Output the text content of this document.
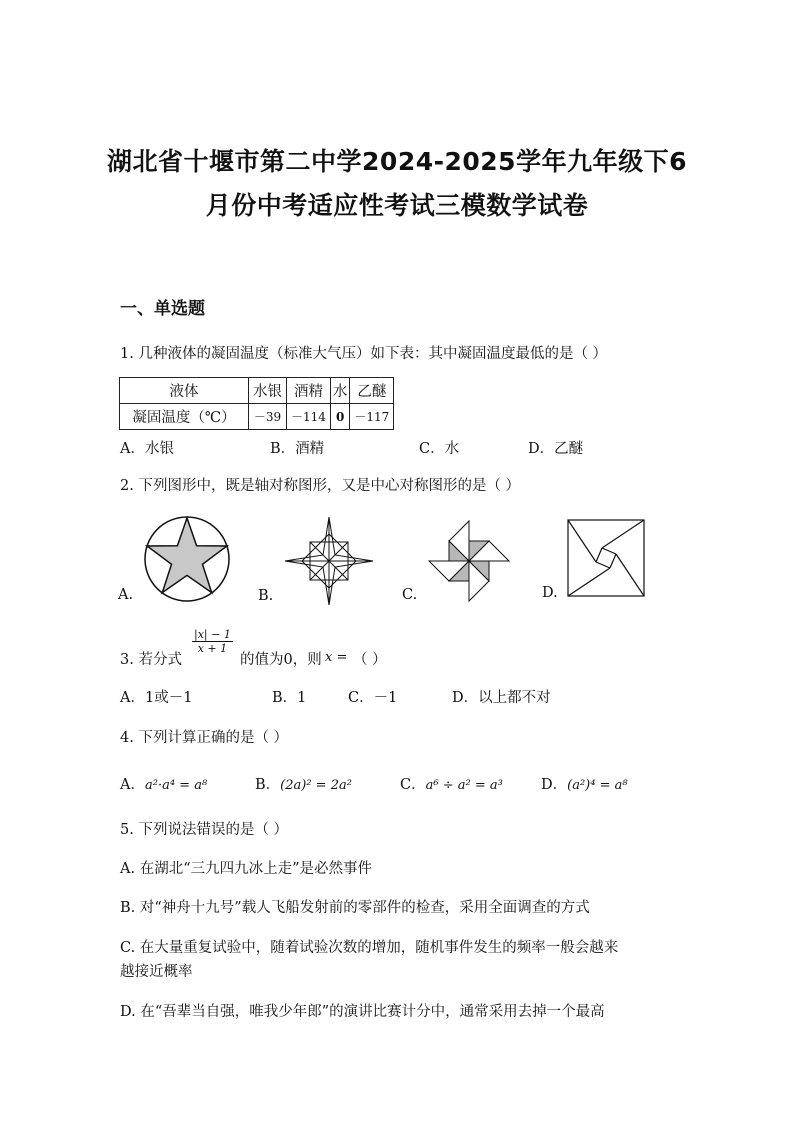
湖北省十堰市第二中学2024-2025学年九年级下6
月份中考适应性考试三模数学试卷
一、单选题
1. 几种液体的凝固温度（标准大气压）如下表：其中凝固温度最低的是（ ）
液体	水银	酒精	水	乙醚
凝固温度（℃）	－39	－114	0	－117
A．水银	B．酒精	C．水	D．乙醚
2. 下列图形中，既是轴对称图形，又是中心对称图形的是（ ）
A.	B.	C.	D.
3. 若分式
$\frac{|x| - 1}{x + 1}$
的值为0，则 x = （ ）
A．1或－1	B．1	C．－1	D．以上都不对
4. 下列计算正确的是（ ）
A．a²·a⁴ = a⁸	B．(2a)² = 2a²	C．a⁶ ÷ a² = a³	D．(a²)⁴ = a⁸
5. 下列说法错误的是（ ）
A. 在湖北“三九四九冰上走”是必然事件
B. 对“神舟十九号”载人飞船发射前的零部件的检查，采用全面调查的方式
C. 在大量重复试验中，随着试验次数的增加，随机事件发生的频率一般会越来
越接近概率
D. 在“吾辈当自强，唯我少年郎”的演讲比赛计分中，通常采用去掉一个最高
